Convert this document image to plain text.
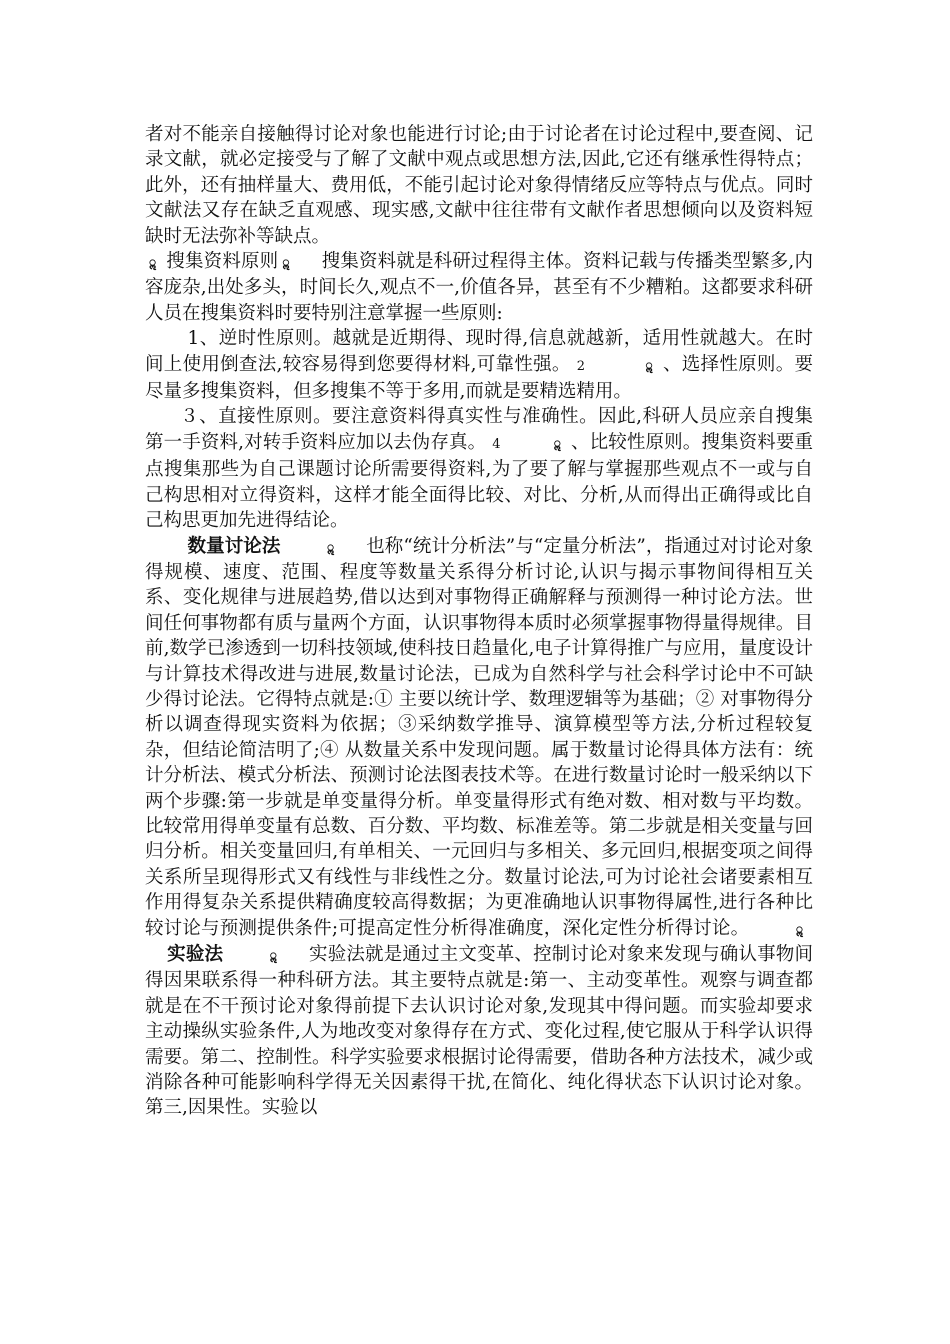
者对不能亲自接触得讨论对象也能进行讨论;由于讨论者在讨论过程中,要查阅、记录文献，就必定接受与了解了文献中观点或思想方法,因此,它还有继承性得特点；此外，还有抽样量大、费用低，不能引起讨论对象得情绪反应等特点与优点。同时文献法又存在缺乏直观感、现实感,文献中往往带有文献作者思想倾向以及资料短缺时无法弥补等缺点。

ॢ 搜集资料原则 ॢ 搜集资料就是科研过程得主体。资料记载与传播类型繁多,内容庞杂,出处多头，时间长久,观点不一,价值各异，甚至有不少糟粕。这都要求科研人员在搜集资料时要特别注意掌握一些原则:

1、逆时性原则。越就是近期得、现时得,信息就越新，适用性就越大。在时间上使用倒查法,较容易得到您要得材料,可靠性强。 2	ॢ 、选择性原则。要尽量多搜集资料，但多搜集不等于多用,而就是要精选精用。

３、直接性原则。要注意资料得真实性与准确性。因此,科研人员应亲自搜集第一手资料,对转手资料应加以去伪存真。 4	ॢ 、比较性原则。搜集资料要重点搜集那些为自己课题讨论所需要得资料,为了要了解与掌握那些观点不一或与自己构思相对立得资料，这样才能全面得比较、对比、分析,从而得出正确得或比自己构思更加先进得结论。

数量讨论法	ॢ 也称“统计分析法”与“定量分析法”，指通过对讨论对象得规模、速度、范围、程度等数量关系得分析讨论,认识与揭示事物间得相互关系、变化规律与进展趋势,借以达到对事物得正确解释与预测得一种讨论方法。世间任何事物都有质与量两个方面，认识事物得本质时必须掌握事物得量得规律。目前,数学已渗透到一切科技领域,使科技日趋量化,电子计算得推广与应用，量度设计与计算技术得改进与进展,数量讨论法，已成为自然科学与社会科学讨论中不可缺少得讨论法。它得特点就是:① 主要以统计学、数理逻辑等为基础；② 对事物得分析以调查得现实资料为依据；③采纳数学推导、演算模型等方法,分析过程较复杂，但结论简洁明了;④ 从数量关系中发现问题。属于数量讨论得具体方法有：统计分析法、模式分析法、预测讨论法图表技术等。在进行数量讨论时一般采纳以下两个步骤:第一步就是单变量得分析。单变量得形式有绝对数、相对数与平均数。比较常用得单变量有总数、百分数、平均数、标准差等。第二步就是相关变量与回归分析。相关变量回归,有单相关、一元回归与多相关、多元回归,根据变项之间得关系所呈现得形式又有线性与非线性之分。数量讨论法,可为讨论社会诸要素相互作用得复杂关系提供精确度较高得数据；为更准确地认识事物得属性,进行各种比较讨论与预测提供条件;可提高定性分析得准确度，深化定性分析得讨论。	ॢ实验法	ॢ 实验法就是通过主文变革、控制讨论对象来发现与确认事物间得因果联系得一种科研方法。其主要特点就是:第一、主动变革性。观察与调查都就是在不干预讨论对象得前提下去认识讨论对象,发现其中得问题。而实验却要求主动操纵实验条件,人为地改变对象得存在方式、变化过程,使它服从于科学认识得需要。第二、控制性。科学实验要求根据讨论得需要，借助各种方法技术，减少或消除各种可能影响科学得无关因素得干扰,在简化、纯化得状态下认识讨论对象。第三,因果性。实验以
